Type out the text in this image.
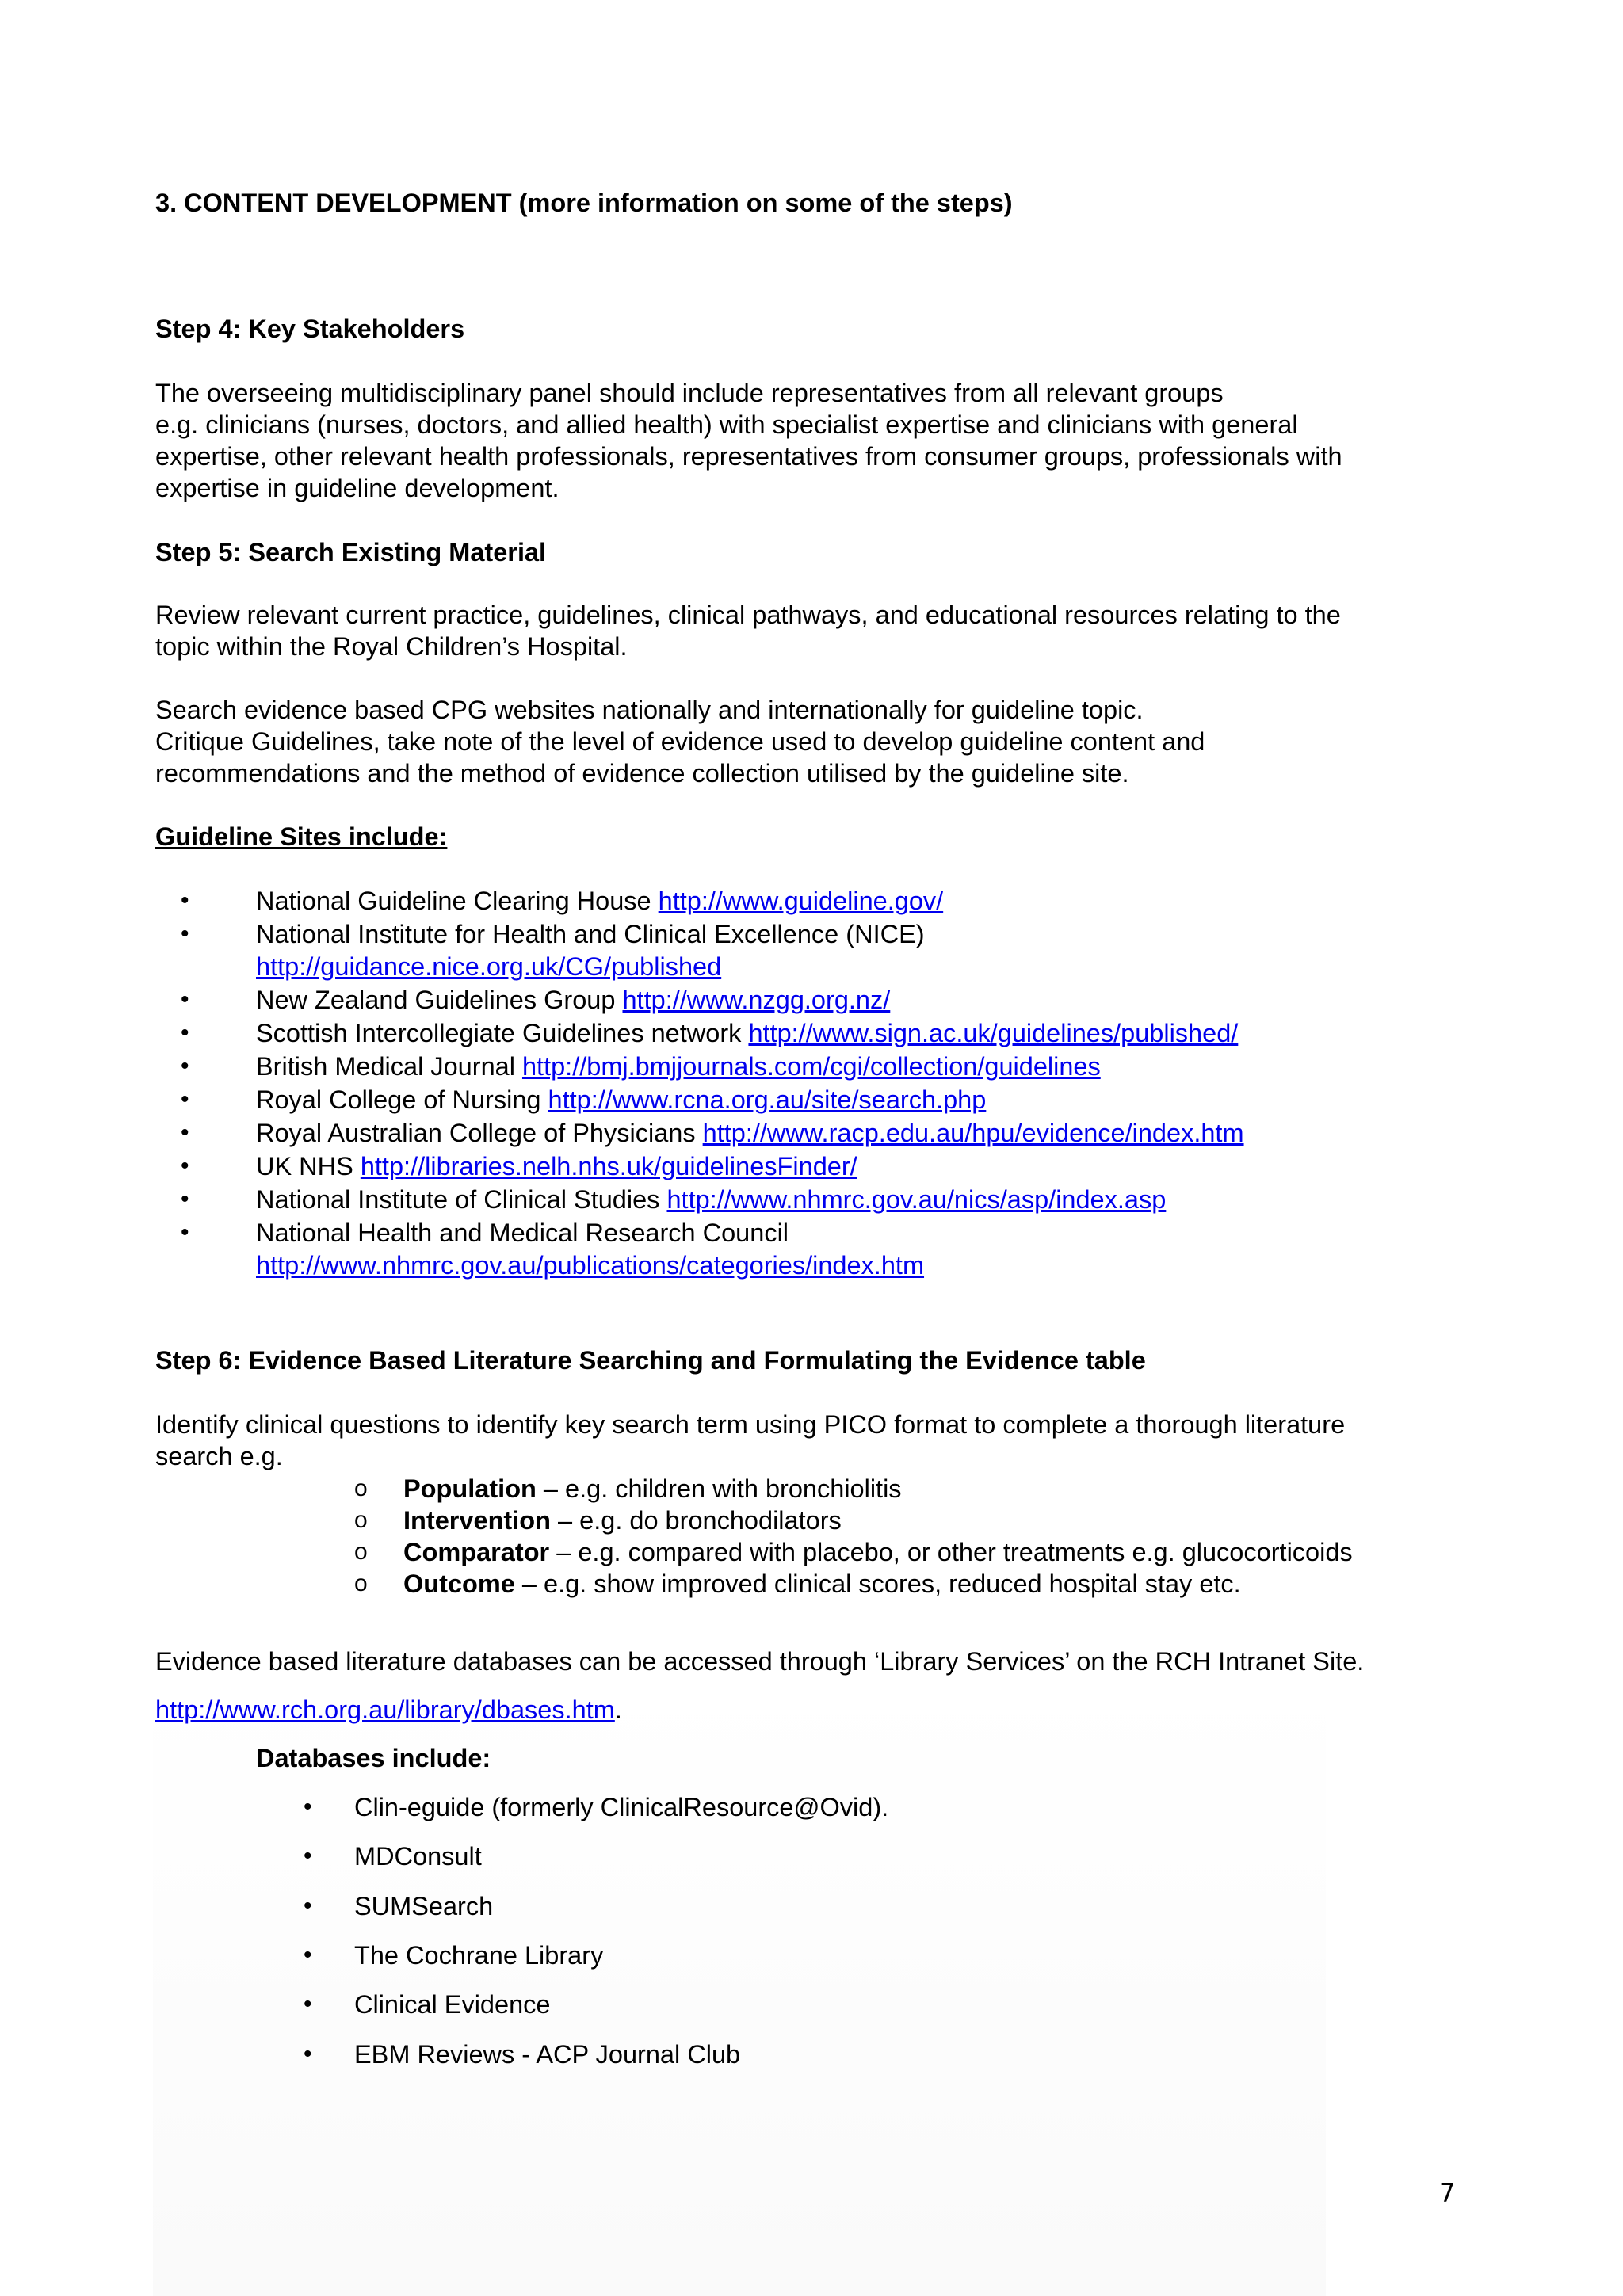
3. CONTENT DEVELOPMENT (more information on some of the steps)
Step 4: Key Stakeholders
The overseeing multidisciplinary panel should include representatives from all relevant groups
e.g. clinicians (nurses, doctors, and allied health) with specialist expertise and clinicians with general
expertise, other relevant health professionals, representatives from consumer groups, professionals with
expertise in guideline development.
Step 5: Search Existing Material
Review relevant current practice, guidelines, clinical pathways, and educational resources relating to the
topic within the Royal Children’s Hospital.
Search evidence based CPG websites nationally and internationally for guideline topic.
Critique Guidelines, take note of the level of evidence used to develop guideline content and
recommendations and the method of evidence collection utilised by the guideline site.
Guideline Sites include:
•	National Guideline Clearing House http://www.guideline.gov/
•	National Institute for Health and Clinical Excellence (NICE)
http://guidance.nice.org.uk/CG/published
•	New Zealand Guidelines Group http://www.nzgg.org.nz/
•	Scottish Intercollegiate Guidelines network http://www.sign.ac.uk/guidelines/published/
•	British Medical Journal http://bmj.bmjjournals.com/cgi/collection/guidelines
•	Royal College of Nursing http://www.rcna.org.au/site/search.php
•	Royal Australian College of Physicians http://www.racp.edu.au/hpu/evidence/index.htm
•	UK NHS http://libraries.nelh.nhs.uk/guidelinesFinder/
•	National Institute of Clinical Studies http://www.nhmrc.gov.au/nics/asp/index.asp
•	National Health and Medical Research Council
http://www.nhmrc.gov.au/publications/categories/index.htm
Step 6: Evidence Based Literature Searching and Formulating the Evidence table
Identify clinical questions to identify key search term using PICO format to complete a thorough literature
search e.g.
o Population – e.g. children with bronchiolitis
o Intervention – e.g. do bronchodilators
o Comparator – e.g. compared with placebo, or other treatments e.g. glucocorticoids
o Outcome – e.g. show improved clinical scores, reduced hospital stay etc.
Evidence based literature databases can be accessed through ‘Library Services’ on the RCH Intranet Site.
http://www.rch.org.au/library/dbases.htm.
Databases include:
• Clin-eguide (formerly ClinicalResource@Ovid).
• MDConsult
• SUMSearch
• The Cochrane Library
• Clinical Evidence
• EBM Reviews - ACP Journal Club
7
